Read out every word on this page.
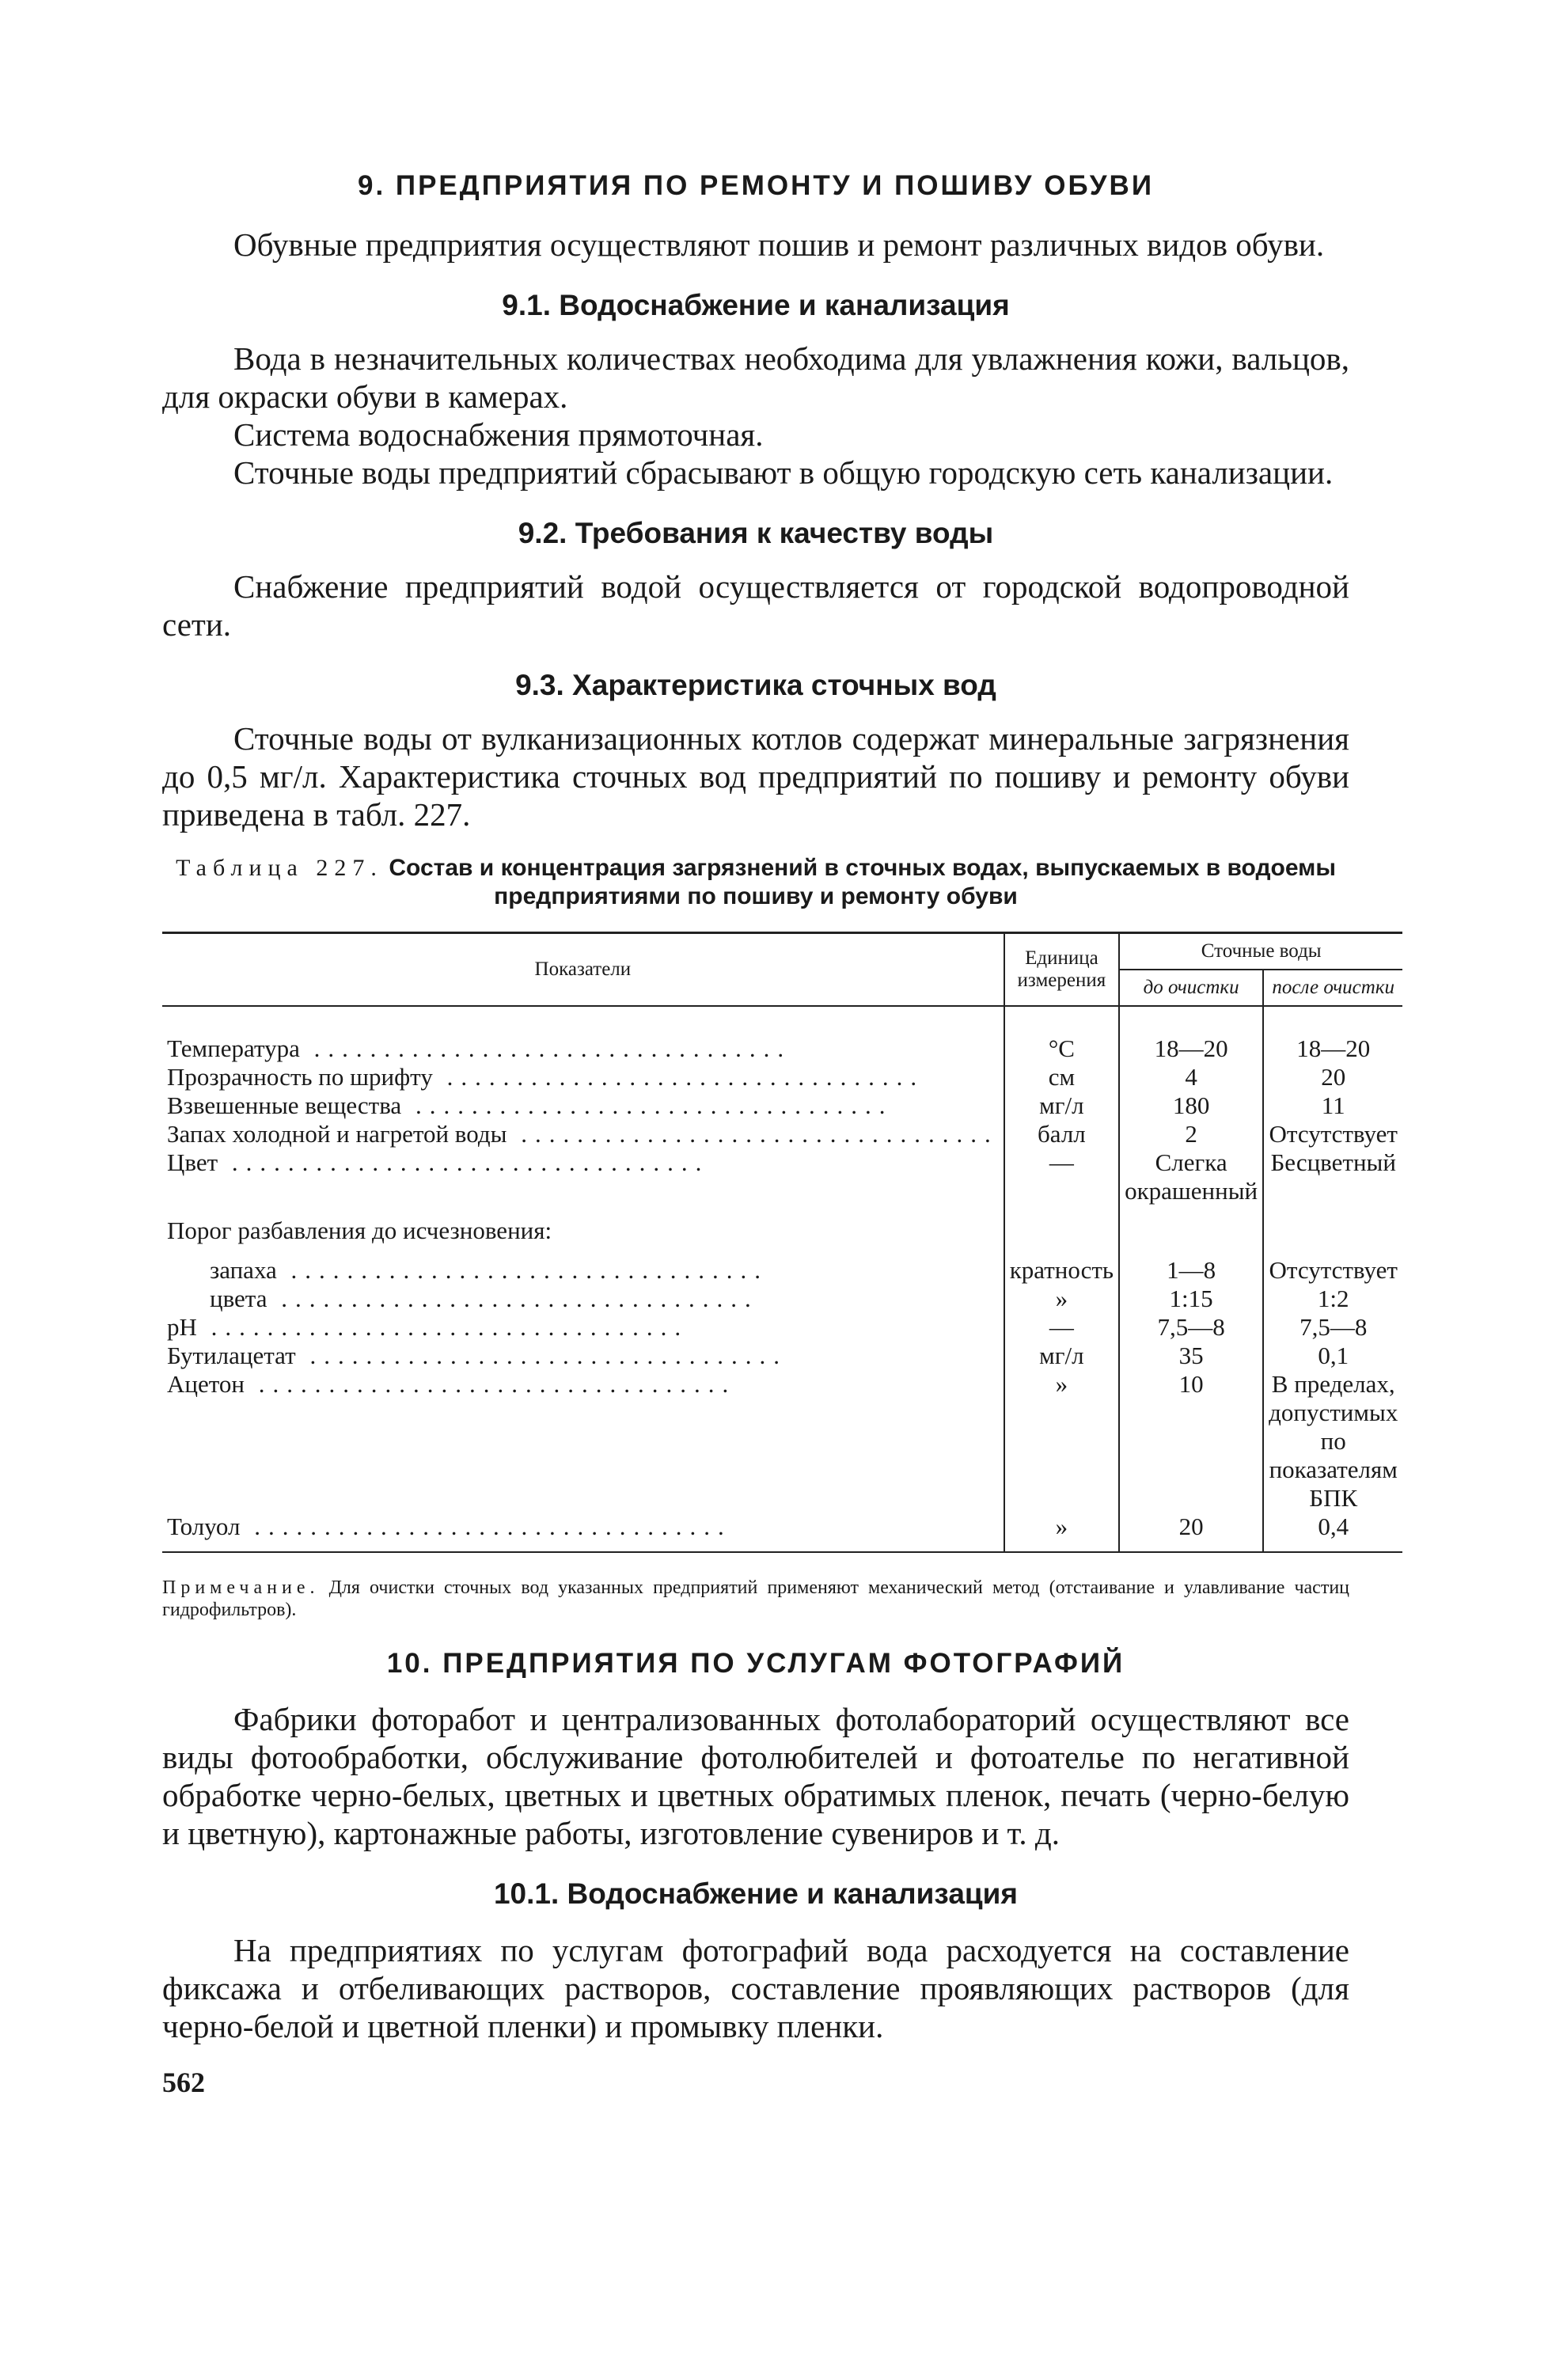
9. ПРЕДПРИЯТИЯ ПО РЕМОНТУ И ПОШИВУ ОБУВИ

Обувные предприятия осуществляют пошив и ремонт различных видов обуви.

9.1. Водоснабжение и канализация

Вода в незначительных количествах необходима для увлажнения кожи, вальцов, для окраски обуви в камерах.

Система водоснабжения прямоточная.

Сточные воды предприятий сбрасывают в общую городскую сеть канализации.

9.2. Требования к качеству воды

Снабжение предприятий водой осуществляется от городской водопроводной сети.

9.3. Характеристика сточных вод

Сточные воды от вулканизационных котлов содержат минеральные загрязнения до 0,5 мг/л. Характеристика сточных вод предприятий по пошиву и ремонту обуви приведена в табл. 227.

Таблица 227. Состав и концентрация загрязнений в сточных водах, выпускаемых в водоемы предприятиями по пошиву и ремонту обуви

Показатели	Единица измерения	Сточные воды	
		до очистки	после очистки

Температура ..................................	°С	18—20	18—20
Прозрачность по шрифту ..................................	см	4	20
Взвешенные вещества ..................................	мг/л	180	11
Запах холодной и нагретой воды ..................................	балл	2	Отсутствует
Цвет ..................................	—	Слегка окрашенный	Бесцветный

Порог разбавления до исчезновения:			

запаха ..................................	кратность	1—8	Отсутствует
цвета ..................................	»	1:15	1:2
pH ..................................	—	7,5—8	7,5—8
Бутилацетат ..................................	мг/л	35	0,1
Ацетон ..................................	»	10	В пределах, допустимых по показателям БПК
Толуол ..................................	»	20	0,4

Примечание. Для очистки сточных вод указанных предприятий применяют механический метод (отстаивание и улавливание частиц гидрофильтров).

10. ПРЕДПРИЯТИЯ ПО УСЛУГАМ ФОТОГРАФИЙ

Фабрики фоторабот и централизованных фотолабораторий осуществляют все виды фотообработки, обслуживание фотолюбителей и фотоателье по негативной обработке черно-белых, цветных и цветных обратимых пленок, печать (черно-белую и цветную), картонажные работы, изготовление сувениров и т. д.

10.1. Водоснабжение и канализация

На предприятиях по услугам фотографий вода расходуется на составление фиксажа и отбеливающих растворов, составление проявляющих растворов (для черно-белой и цветной пленки) и промывку пленки.

562
